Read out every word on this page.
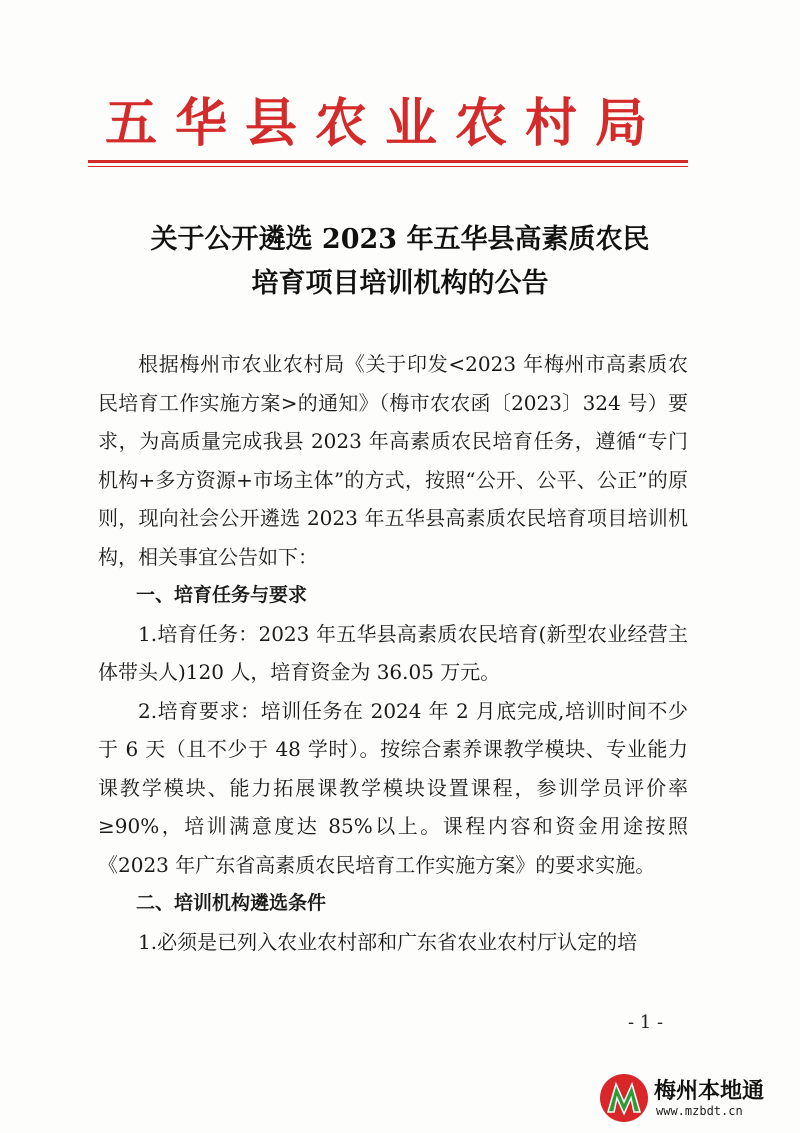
五华县农业农村局
关于公开遴选 2023 年五华县高素质农民
培育项目培训机构的公告

根据梅州市农业农村局《关于印发<2023 年梅州市高素质农民培育工作实施方案>的通知》（梅市农农函〔2023〕324 号）要求，为高质量完成我县 2023 年高素质农民培育任务，遵循“专门机构+多方资源+市场主体”的方式，按照“公开、公平、公正”的原则，现向社会公开遴选 2023 年五华县高素质农民培育项目培训机构，相关事宜公告如下：

一、培育任务与要求

1.培育任务：2023 年五华县高素质农民培育(新型农业经营主体带头人)120 人，培育资金为 36.05 万元。

2.培育要求：培训任务在 2024 年 2 月底完成,培训时间不少于 6 天（且不少于 48 学时）。按综合素养课教学模块、专业能力课教学模块、能力拓展课教学模块设置课程，参训学员评价率≥90%，培训满意度达 85%以上。课程内容和资金用途按照《2023 年广东省高素质农民培育工作实施方案》的要求实施。

二、培训机构遴选条件

1.必须是已列入农业农村部和广东省农业农村厅认定的培

- 1 -
梅州本地通
www.mzbdt.cn
